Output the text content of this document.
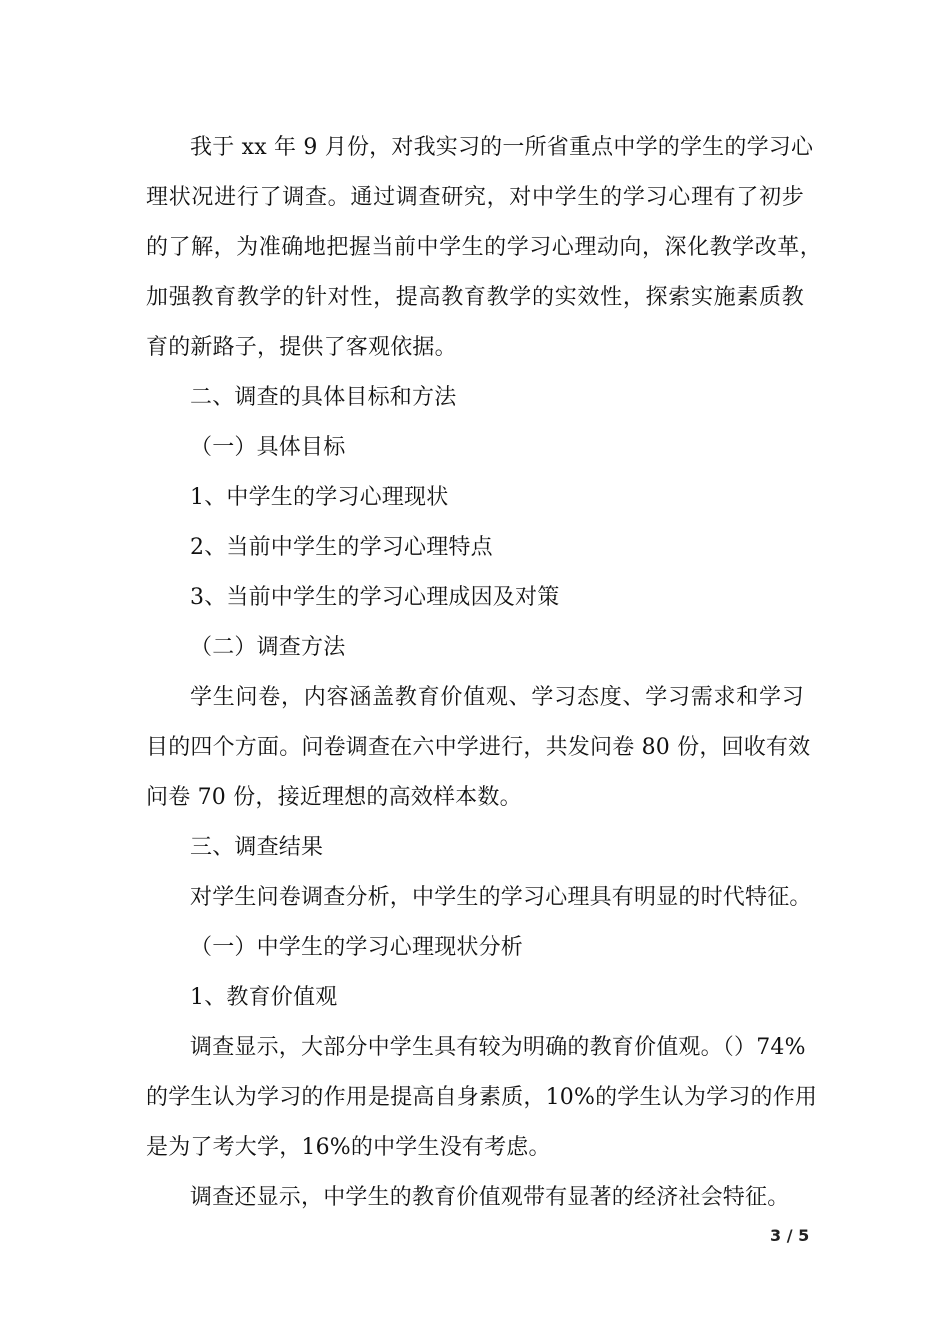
我于 xx 年 9 月份，对我实习的一所省重点中学的学生的学习心
理状况进行了调查。通过调查研究，对中学生的学习心理有了初步
的了解，为准确地把握当前中学生的学习心理动向，深化教学改革，
加强教育教学的针对性，提高教育教学的实效性，探索实施素质教
育的新路子，提供了客观依据。
二、调查的具体目标和方法
（一）具体目标
1、中学生的学习心理现状
2、当前中学生的学习心理特点
3、当前中学生的学习心理成因及对策
（二）调查方法
学生问卷，内容涵盖教育价值观、学习态度、学习需求和学习
目的四个方面。问卷调查在六中学进行，共发问卷 80 份，回收有效
问卷 70 份，接近理想的高效样本数。
三、调查结果
对学生问卷调查分析，中学生的学习心理具有明显的时代特征。
（一）中学生的学习心理现状分析
1、教育价值观
调查显示，大部分中学生具有较为明确的教育价值观。（）74%
的学生认为学习的作用是提高自身素质，10%的学生认为学习的作用
是为了考大学，16%的中学生没有考虑。
调查还显示，中学生的教育价值观带有显著的经济社会特征。
3 / 5
